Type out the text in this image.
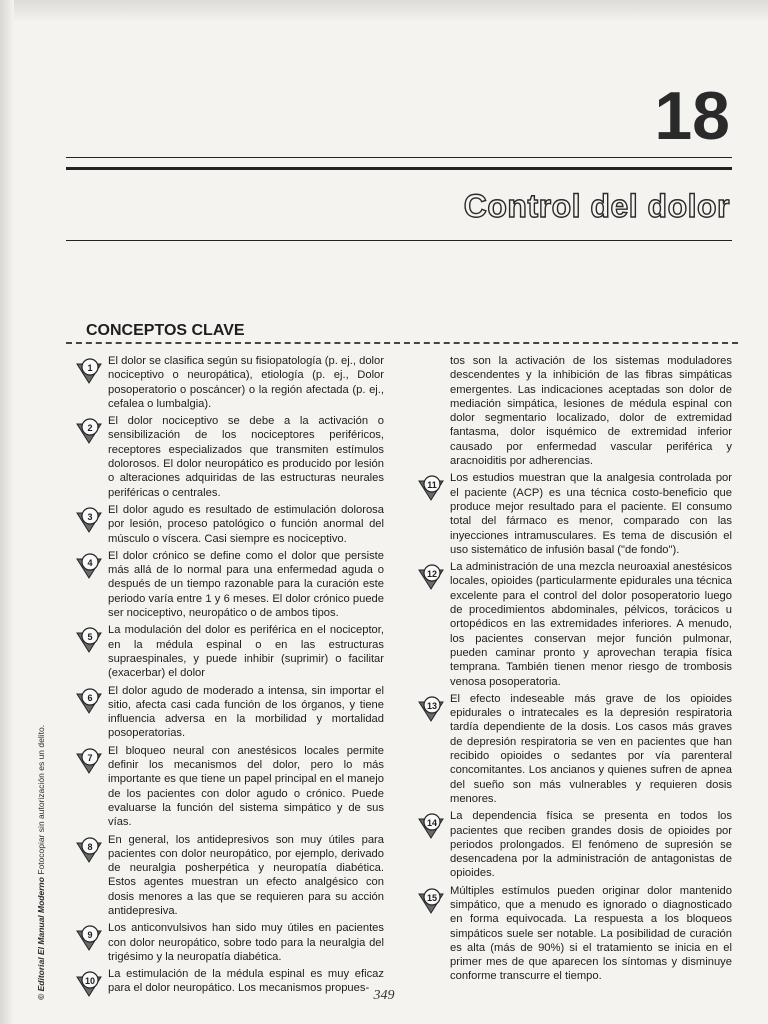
18
Control del dolor
CONCEPTOS CLAVE
1
El dolor se clasifica según su fisiopatología (p. ej., dolor nociceptivo o neuropática), etiología (p. ej., Dolor posoperatorio o poscáncer) o la región afectada (p. ej., cefalea o lumbalgia).
2
El dolor nociceptivo se debe a la activación o sensibilización de los nociceptores periféricos, receptores especializados que transmiten estímulos dolorosos. El dolor neuropático es producido por lesión o alteraciones adquiridas de las estructuras neurales periféricas o centrales.
3
El dolor agudo es resultado de estimulación dolorosa por lesión, proceso patológico o función anormal del músculo o víscera. Casi siempre es nociceptivo.
4
El dolor crónico se define como el dolor que persiste más allá de lo normal para una enfermedad aguda o después de un tiempo razonable para la curación este periodo varía entre 1 y 6 meses. El dolor crónico puede ser nociceptivo, neuropático o de ambos tipos.
5
La modulación del dolor es periférica en el nociceptor, en la médula espinal o en las estructuras supraespinales, y puede inhibir (suprimir) o facilitar (exacerbar) el dolor
6
El dolor agudo de moderado a intensa, sin importar el sitio, afecta casi cada función de los órganos, y tiene influencia adversa en la morbilidad y mortalidad posoperatorias.
7
El bloqueo neural con anestésicos locales permite definir los mecanismos del dolor, pero lo más importante es que tiene un papel principal en el manejo de los pacientes con dolor agudo o crónico. Puede evaluarse la función del sistema simpático y de sus vías.
8
En general, los antidepresivos son muy útiles para pacientes con dolor neuropático, por ejemplo, derivado de neuralgia posherpética y neuropatía diabética. Estos agentes muestran un efecto analgésico con dosis menores a las que se requieren para su acción antidepresiva.
9
Los anticonvulsivos han sido muy útiles en pacientes con dolor neuropático, sobre todo para la neuralgia del trigésimo y la neuropatía diabética.
10
La estimulación de la médula espinal es muy eficaz para el dolor neuropático. Los mecanismos propues-
tos son la activación de los sistemas moduladores descendentes y la inhibición de las fibras simpáticas emergentes. Las indicaciones aceptadas son dolor de mediación simpática, lesiones de médula espinal con dolor segmentario localizado, dolor de extremidad fantasma, dolor isquémico de extremidad inferior causado por enfermedad vascular periférica y aracnoiditis por adherencias.
11
Los estudios muestran que la analgesia controlada por el paciente (ACP) es una técnica costo-beneficio que produce mejor resultado para el paciente. El consumo total del fármaco es menor, comparado con las inyecciones intramusculares. Es tema de discusión el uso sistemático de infusión basal ("de fondo").
12
La administración de una mezcla neuroaxial anestésicos locales, opioides (particularmente epidurales una técnica excelente para el control del dolor posoperatorio luego de procedimientos abdominales, pélvicos, torácicos u ortopédicos en las extremidades inferiores. A menudo, los pacientes conservan mejor función pulmonar, pueden caminar pronto y aprovechan terapia física temprana. También tienen menor riesgo de trombosis venosa posoperatoria.
13
El efecto indeseable más grave de los opioides epidurales o intratecales es la depresión respiratoria tardía dependiente de la dosis. Los casos más graves de depresión respiratoria se ven en pacientes que han recibido opioides o sedantes por vía parenteral concomitantes. Los ancianos y quienes sufren de apnea del sueño son más vulnerables y requieren dosis menores.
14
La dependencia física se presenta en todos los pacientes que reciben grandes dosis de opioides por periodos prolongados. El fenómeno de supresión se desencadena por la administración de antagonistas de opioides.
15
Múltiples estímulos pueden originar dolor mantenido simpático, que a menudo es ignorado o diagnosticado en forma equivocada. La respuesta a los bloqueos simpáticos suele ser notable. La posibilidad de curación es alta (más de 90%) si el tratamiento se inicia en el primer mes de que aparecen los síntomas y disminuye conforme transcurre el tiempo.
© Editorial El Manual Moderno Fotocopiar sin autorización es un delito.
349
